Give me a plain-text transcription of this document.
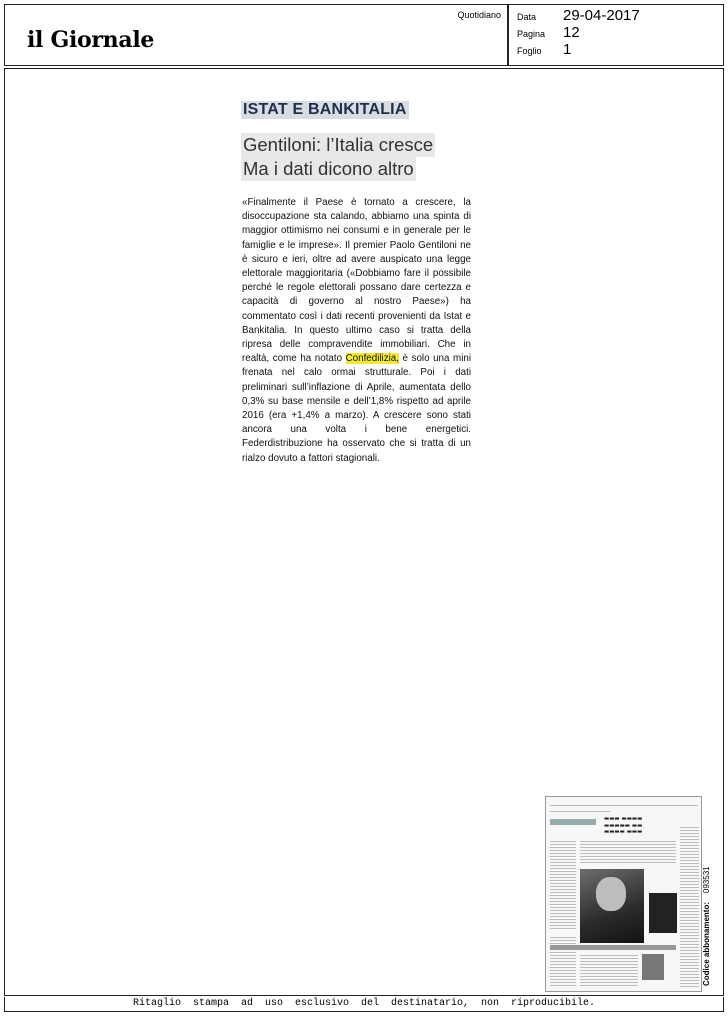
il Giornale
Quotidiano Data	29-04-2017
Pagina	12
Foglio	1
ISTAT E BANKITALIA
Gentiloni: l’Italia cresce
Ma i dati dicono altro
«Finalmente il Paese è tornato a crescere, la disoccupazione sta calando, abbiamo una spinta di maggior ottimismo nei consumi e in generale per le famiglie e le imprese». Il premier Paolo Gentiloni ne è sicuro e ieri, oltre ad avere auspicato una legge elettorale maggioritaria («Dobbiamo fare il possibile perché le regole elettorali possano dare certezza e capacità di governo al nostro Paese») ha commentato così i dati recenti provenienti da Istat e Bankitalia. In questo ultimo caso si tratta della ripresa delle compravendite immobiliari. Che in realtà, come ha notato Confedilizia, è solo una mini frenata nel calo ormai strutturale. Poi i dati preliminari sull’inflazione di Aprile, aumentata dello 0,3% su base mensile e dell’1,8% rispetto ad aprile 2016 (era +1,4% a marzo). A crescere sono stati ancora una volta i bene energetici. Federdistribuzione ha osservato che si tratta di un rialzo dovuto a fattori stagionali.
▬▬▬ ▬▬▬▬
▬▬▬▬▬ ▬▬
▬▬▬▬ ▬▬▬
Codice abbonamento:    093531
Ritaglio stampa ad uso esclusivo del destinatario, non riproducibile.
